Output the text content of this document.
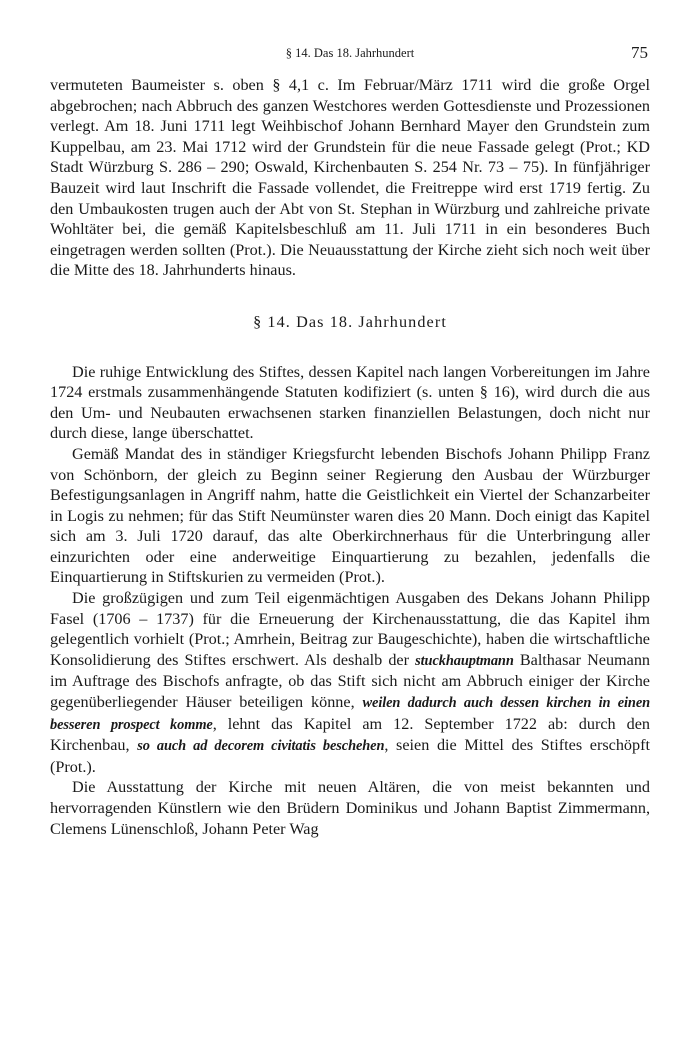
§ 14. Das 18. Jahrhundert	75

vermuteten Baumeister s. oben § 4,1 c. Im Februar/März 1711 wird die große Orgel abgebrochen; nach Abbruch des ganzen Westchores werden Gottesdienste und Prozessionen verlegt. Am 18. Juni 1711 legt Weihbischof Johann Bernhard Mayer den Grundstein zum Kuppelbau, am 23. Mai 1712 wird der Grundstein für die neue Fassade gelegt (Prot.; KD Stadt Würzburg S. 286 – 290; Oswald, Kirchenbauten S. 254 Nr. 73 – 75). In fünfjähriger Bauzeit wird laut Inschrift die Fassade vollendet, die Freitreppe wird erst 1719 fertig. Zu den Umbaukosten trugen auch der Abt von St. Stephan in Würzburg und zahlreiche private Wohltäter bei, die gemäß Kapitelsbeschluß am 11. Juli 1711 in ein besonderes Buch eingetragen werden sollten (Prot.). Die Neuausstattung der Kirche zieht sich noch weit über die Mitte des 18. Jahrhunderts hinaus.

§ 14. Das 18. Jahrhundert

Die ruhige Entwicklung des Stiftes, dessen Kapitel nach langen Vorbereitungen im Jahre 1724 erstmals zusammenhängende Statuten kodifiziert (s. unten § 16), wird durch die aus den Um- und Neubauten erwachsenen starken finanziellen Belastungen, doch nicht nur durch diese, lange überschattet.

Gemäß Mandat des in ständiger Kriegsfurcht lebenden Bischofs Johann Philipp Franz von Schönborn, der gleich zu Beginn seiner Regierung den Ausbau der Würzburger Befestigungsanlagen in Angriff nahm, hatte die Geistlichkeit ein Viertel der Schanzarbeiter in Logis zu nehmen; für das Stift Neumünster waren dies 20 Mann. Doch einigt das Kapitel sich am 3. Juli 1720 darauf, das alte Oberkirchnerhaus für die Unterbringung aller einzurichten oder eine anderweitige Einquartierung zu bezahlen, jedenfalls die Einquartierung in Stiftskurien zu vermeiden (Prot.).

Die großzügigen und zum Teil eigenmächtigen Ausgaben des Dekans Johann Philipp Fasel (1706 – 1737) für die Erneuerung der Kirchenausstattung, die das Kapitel ihm gelegentlich vorhielt (Prot.; Amrhein, Beitrag zur Baugeschichte), haben die wirtschaftliche Konsolidierung des Stiftes erschwert. Als deshalb der stuckhauptmann Balthasar Neumann im Auftrage des Bischofs anfragte, ob das Stift sich nicht am Abbruch einiger der Kirche gegenüberliegender Häuser beteiligen könne, weilen dadurch auch dessen kirchen in einen besseren prospect komme, lehnt das Kapitel am 12. September 1722 ab: durch den Kirchenbau, so auch ad decorem civitatis beschehen, seien die Mittel des Stiftes erschöpft (Prot.).

Die Ausstattung der Kirche mit neuen Altären, die von meist bekannten und hervorragenden Künstlern wie den Brüdern Dominikus und Johann Baptist Zimmermann, Clemens Lünenschloß, Johann Peter Wag
